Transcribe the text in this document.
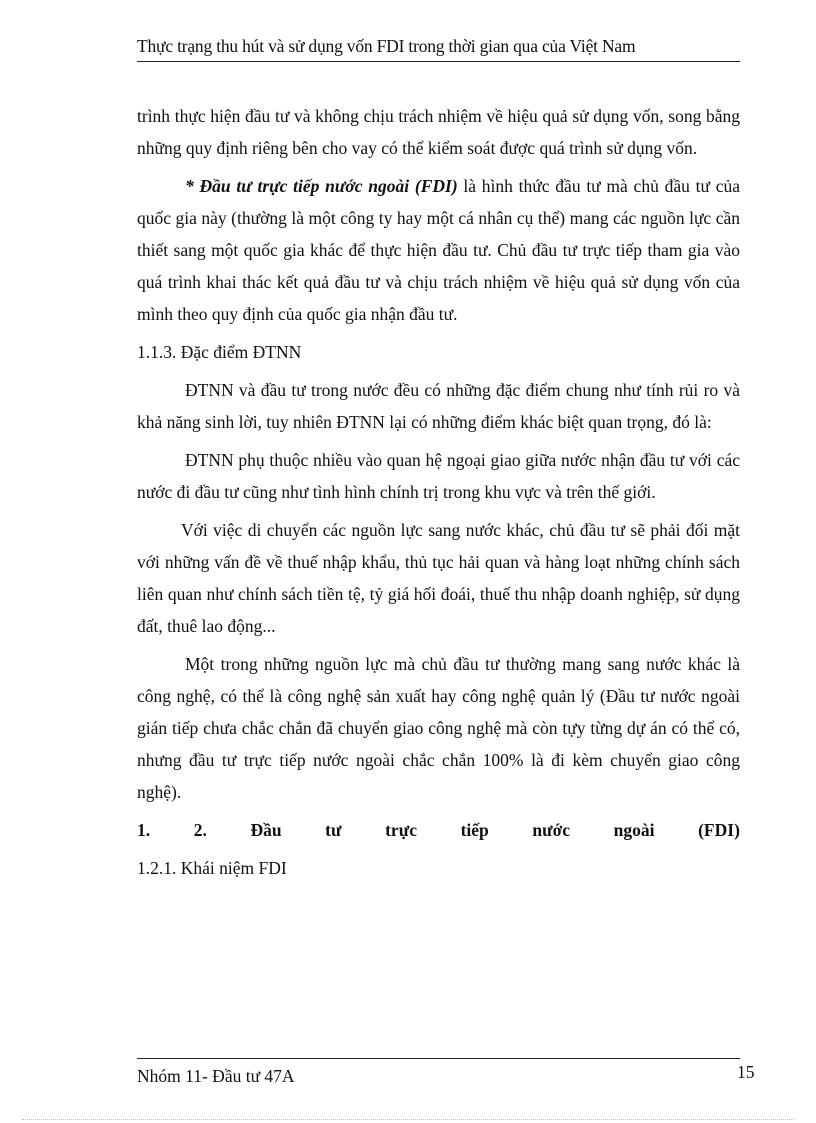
Thực trạng thu hút và sử dụng vốn FDI trong thời gian qua của Việt Nam

trình thực hiện đầu tư và không chịu trách nhiệm về hiệu quả sử dụng vốn, song bằng những quy định riêng bên cho vay có thể kiểm soát được quá trình sử dụng vốn.

* Đầu tư trực tiếp nước ngoài (FDI) là hình thức đầu tư mà chủ đầu tư của quốc gia này (thường là một công ty hay một cá nhân cụ thể) mang các nguồn lực cần thiết sang một quốc gia khác để thực hiện đầu tư. Chủ đầu tư trực tiếp tham gia vào quá trình khai thác kết quả đầu tư và chịu trách nhiệm về hiệu quả sử dụng vốn của mình theo quy định của quốc gia nhận đầu tư.

1.1.3. Đặc điểm ĐTNN

ĐTNN và đầu tư trong nước đều có những đặc điểm chung như tính rủi ro và khả năng sinh lời, tuy nhiên ĐTNN lại có những điểm khác biệt quan trọng, đó là:

ĐTNN phụ thuộc nhiều vào quan hệ ngoại giao giữa nước nhận đầu tư với các nước đi đầu tư cũng như tình hình chính trị trong khu vực và trên thế giới.

Với việc di chuyển các nguồn lực sang nước khác, chủ đầu tư sẽ phải đối mặt với những vấn đề về thuế nhập khẩu, thủ tục hải quan và hàng loạt những chính sách liên quan như chính sách tiền tệ, tỷ giá hối đoái, thuế thu nhập doanh nghiệp, sử dụng đất, thuê lao động...

Một trong những nguồn lực mà chủ đầu tư thường mang sang nước khác là công nghệ, có thể là công nghệ sản xuất hay công nghệ quản lý (Đầu tư nước ngoài gián tiếp chưa chắc chắn đã chuyển giao công nghệ mà còn tựy từng dự án có thể có, nhưng đầu tư trực tiếp nước ngoài chắc chắn 100% là đi kèm chuyển giao công nghệ).

1. 2. Đầu tư trực tiếp nước ngoài (FDI)

1.2.1. Khái niệm FDI

Nhóm 11- Đầu tư 47A	15
